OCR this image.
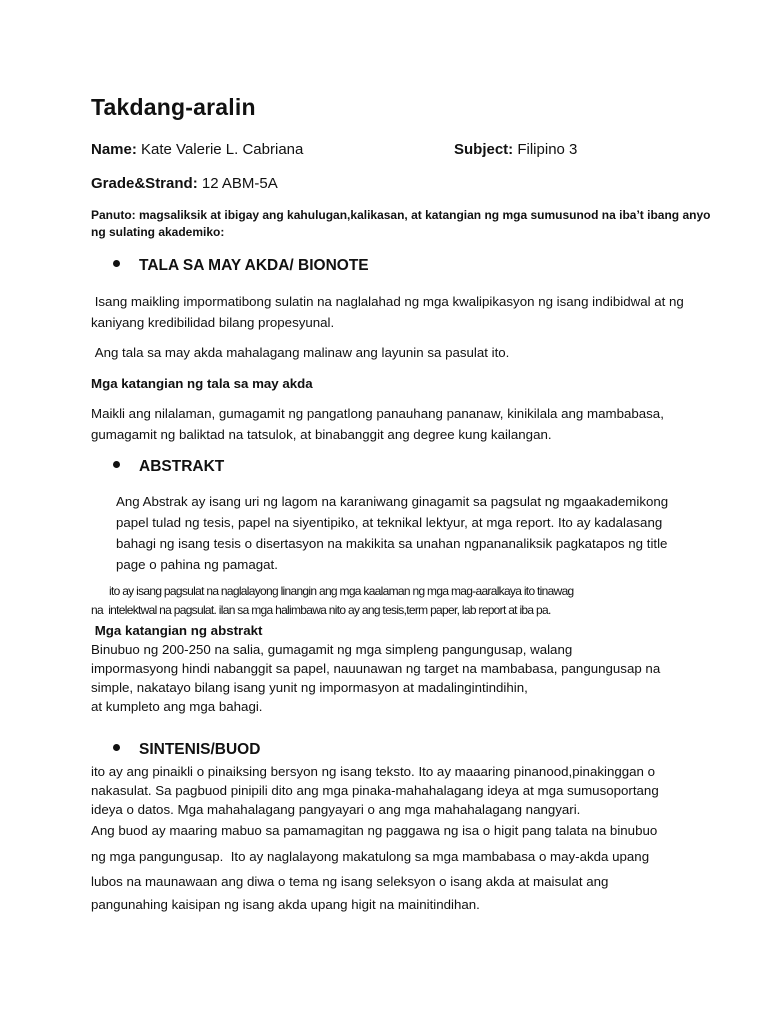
Takdang-aralin
Name: Kate Valerie L. Cabriana	Subject: Filipino 3
Grade&Strand: 12 ABM-5A
Panuto: magsaliksik at ibigay ang kahulugan,kalikasan, at katangian ng mga sumusunod na iba’t ibang anyo ng sulating akademiko:
TALA SA MAY AKDA/ BIONOTE
Isang maikling impormatibong sulatin na naglalahad ng mga kwalipikasyon ng isang indibidwal at ng kaniyang kredibilidad bilang propesyunal.
Ang tala sa may akda mahalagang malinaw ang layunin sa pasulat ito.
Mga katangian ng tala sa may akda
Maikli ang nilalaman, gumagamit ng pangatlong panauhang pananaw, kinikilala ang mambabasa, gumagamit ng baliktad na tatsulok, at binabanggit ang degree kung kailangan.
ABSTRAKT
Ang Abstrak ay isang uri ng lagom na karaniwang ginagamit sa pagsulat ng mgaakademikong papel tulad ng tesis, papel na siyentipiko, at teknikal lektyur, at mga report. Ito ay kadalasang bahagi ng isang tesis o disertasyon na makikita sa unahan ngpananaliksik pagkatapos ng title page o pahina ng pamagat.
ito ay isang pagsulat na naglalayong linangin ang mga kaalaman ng mga mag-aaralkaya ito tinawag
na  intelektwal na pagsulat. ilan sa mga halimbawa nito ay ang tesis,term paper, lab report at iba pa.
Mga katangian ng abstrakt
Binubuo ng 200-250 na salia, gumagamit ng mga simpleng pangungusap, walang
impormasyong hindi nabanggit sa papel, nauunawan ng target na mambabasa, pangungusap na
simple, nakatayo bilang isang yunit ng impormasyon at madalingintindihin,
at kumpleto ang mga bahagi.
SINTENIS/BUOD
ito ay ang pinaikli o pinaiksing bersyon ng isang teksto. Ito ay maaaring pinanood,pinakinggan o
nakasulat. Sa pagbuod pinipili dito ang mga pinaka-mahahalagang ideya at mga sumusoportang
ideya o datos. Mga mahahalagang pangyayari o ang mga mahahalagang nangyari.
Ang buod ay maaring mabuo sa pamamagitan ng paggawa ng isa o higit pang talata na binubuo
ng mga pangungusap.  Ito ay naglalayong makatulong sa mga mambabasa o may-akda upang
lubos na maunawaan ang diwa o tema ng isang seleksyon o isang akda at maisulat ang
pangunahing kaisipan ng isang akda upang higit na mainitindihan.
